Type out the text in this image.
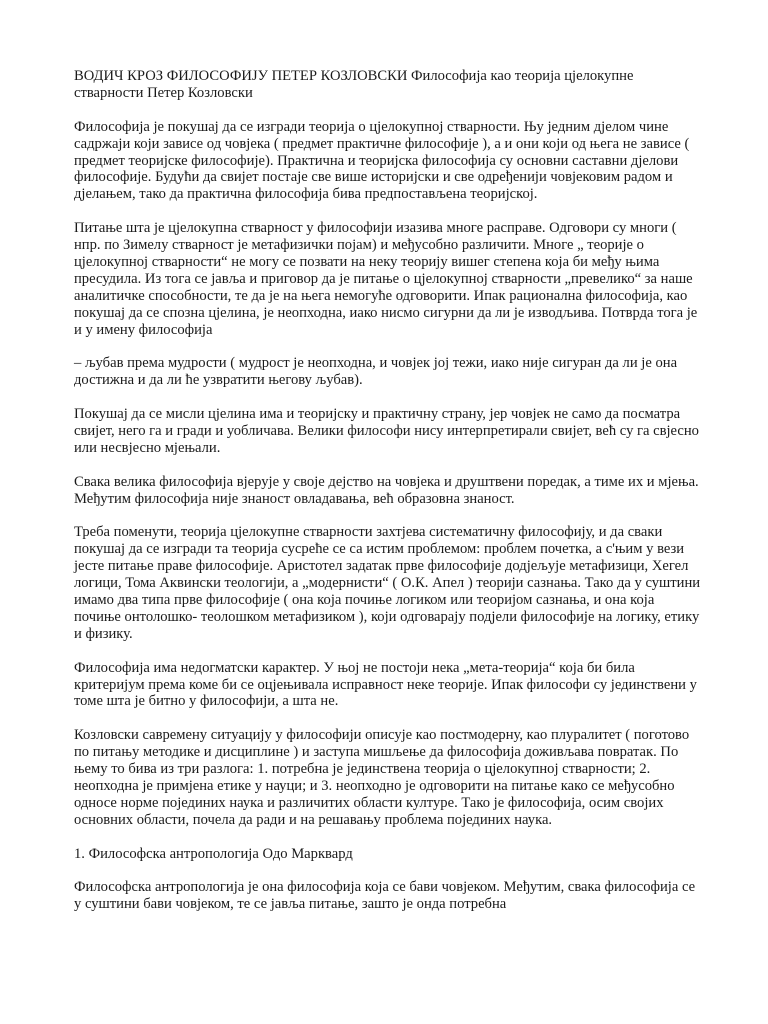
ВОДИЧ КРОЗ ФИЛОСОФИЈУ ПЕТЕР КОЗЛОВСКИ Философија као теорија цјелокупне стварности Петер Козловски

Философија је покушај да се изгради теорија о цјелокупној стварности. Њу једним дјелом чине садржаји који зависе од човјека ( предмет практичне философије ), а и они који од њега не зависе ( предмет теоријске философије). Практична и теоријска философија су основни саставни дјелови философије. Будући да свијет постаје све више историјски и све одређенији човјековим радом и дјелањем, тако да практична философија бива предпостављена теоријској.

Питање шта је цјелокупна стварност у философији изазива многе расправе. Одговори су многи ( нпр. по Зимелу стварност је метафизички појам) и међусобно различити. Многе „ теорије о цјелокупној стварности“ не могу се позвати на неку теорију вишег степена која би међу њима пресудила. Из тога се јавља и приговор да је питање о цјелокупној стварности „превелико“ за наше аналитичке способности, те да је на њега немогуће одговорити. Ипак рационална философија, као покушај да се спозна цјелина, је неопходна, иако нисмо сигурни да ли је изводљива. Потврда тога је и у имену философија

– љубав према мудрости ( мудрост је неопходна, и човјек јој тежи, иако није сигуран да ли је она достижна и да ли ће узвратити његову љубав).

Покушај да се мисли цјелина има и теоријску и практичну страну, јер човјек не само да посматра свијет, него га и гради и уобличава. Велики философи нису интерпретирали свијет, већ су га свјесно или несвјесно мјењали.

Свака велика философија вјерује у своје дејство на човјека и друштвени поредак, а тиме их и мјења. Међутим философија није знаност овладавања, већ образовна знаност.

Треба поменути, теорија цјелокупне стварности захтјева систематичну философију, и да сваки покушај да се изгради та теорија сусреће се са истим проблемом: проблем почетка, а с'њим у вези јесте питање праве философије. Аристотел задатак прве философије додјељује метафизици, Хегел логици, Тома Аквински теологији, а „модернисти“ ( О.К. Апел ) теорији сазнања. Тако да у суштини имамо два типа прве философије ( она која почиње логиком или теоријом сазнања, и она која почиње онтолошко- теолошком метафизиком ), који одговарају подјели философије на логику, етику и физику.

Философија има недогматски карактер. У њој не постоји нека „мета-теорија“ која би била критеријум према коме би се оцјењивала исправност неке теорије. Ипак философи су јединствени у томе шта је битно у философији, а шта не.

Козловски савремену ситуацију у философији описује као постмодерну, као плуралитет ( поготово по питању методике и дисциплине ) и заступа мишљење да философија доживљава повратак. По њему то бива из три разлога: 1. потребна је јединствена теорија о цјелокупној стварности; 2. неопходна је примјена етике у науци; и 3. неопходно је одговорити на питање како се међусобно односе норме појединих наука и различитих области културе. Тако је философија, осим својих основних области, почела да ради и на решавању проблема појединих наука.

1. Философска антропологија Одо Марквард

Философска антропологија је она философија која се бави човјеком. Међутим, свака философија се у суштини бави човјеком, те се јавља питање, зашто је онда потребна
